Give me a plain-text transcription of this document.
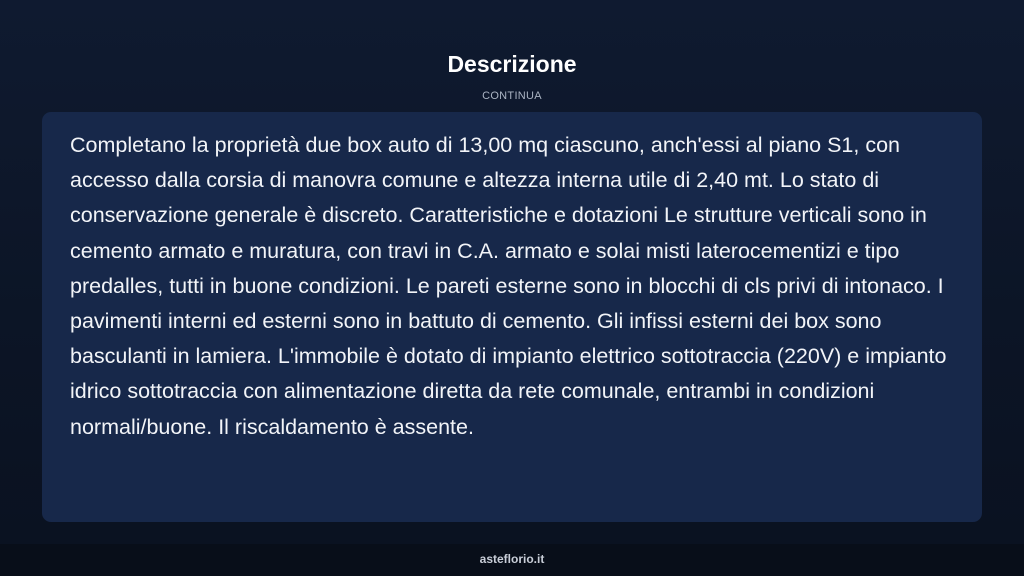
Descrizione
CONTINUA

Completano la proprietà due box auto di 13,00 mq ciascuno, anch'essi al piano S1, con accesso dalla corsia di manovra comune e altezza interna utile di 2,40 mt. Lo stato di conservazione generale è discreto. Caratteristiche e dotazioni Le strutture verticali sono in cemento armato e muratura, con travi in C.A. armato e solai misti laterocementizi e tipo predalles, tutti in buone condizioni. Le pareti esterne sono in blocchi di cls privi di intonaco. I pavimenti interni ed esterni sono in battuto di cemento. Gli infissi esterni dei box sono basculanti in lamiera. L'immobile è dotato di impianto elettrico sottotraccia (220V) e impianto idrico sottotraccia con alimentazione diretta da rete comunale, entrambi in condizioni normali/buone. Il riscaldamento è assente.

asteflorio.it
